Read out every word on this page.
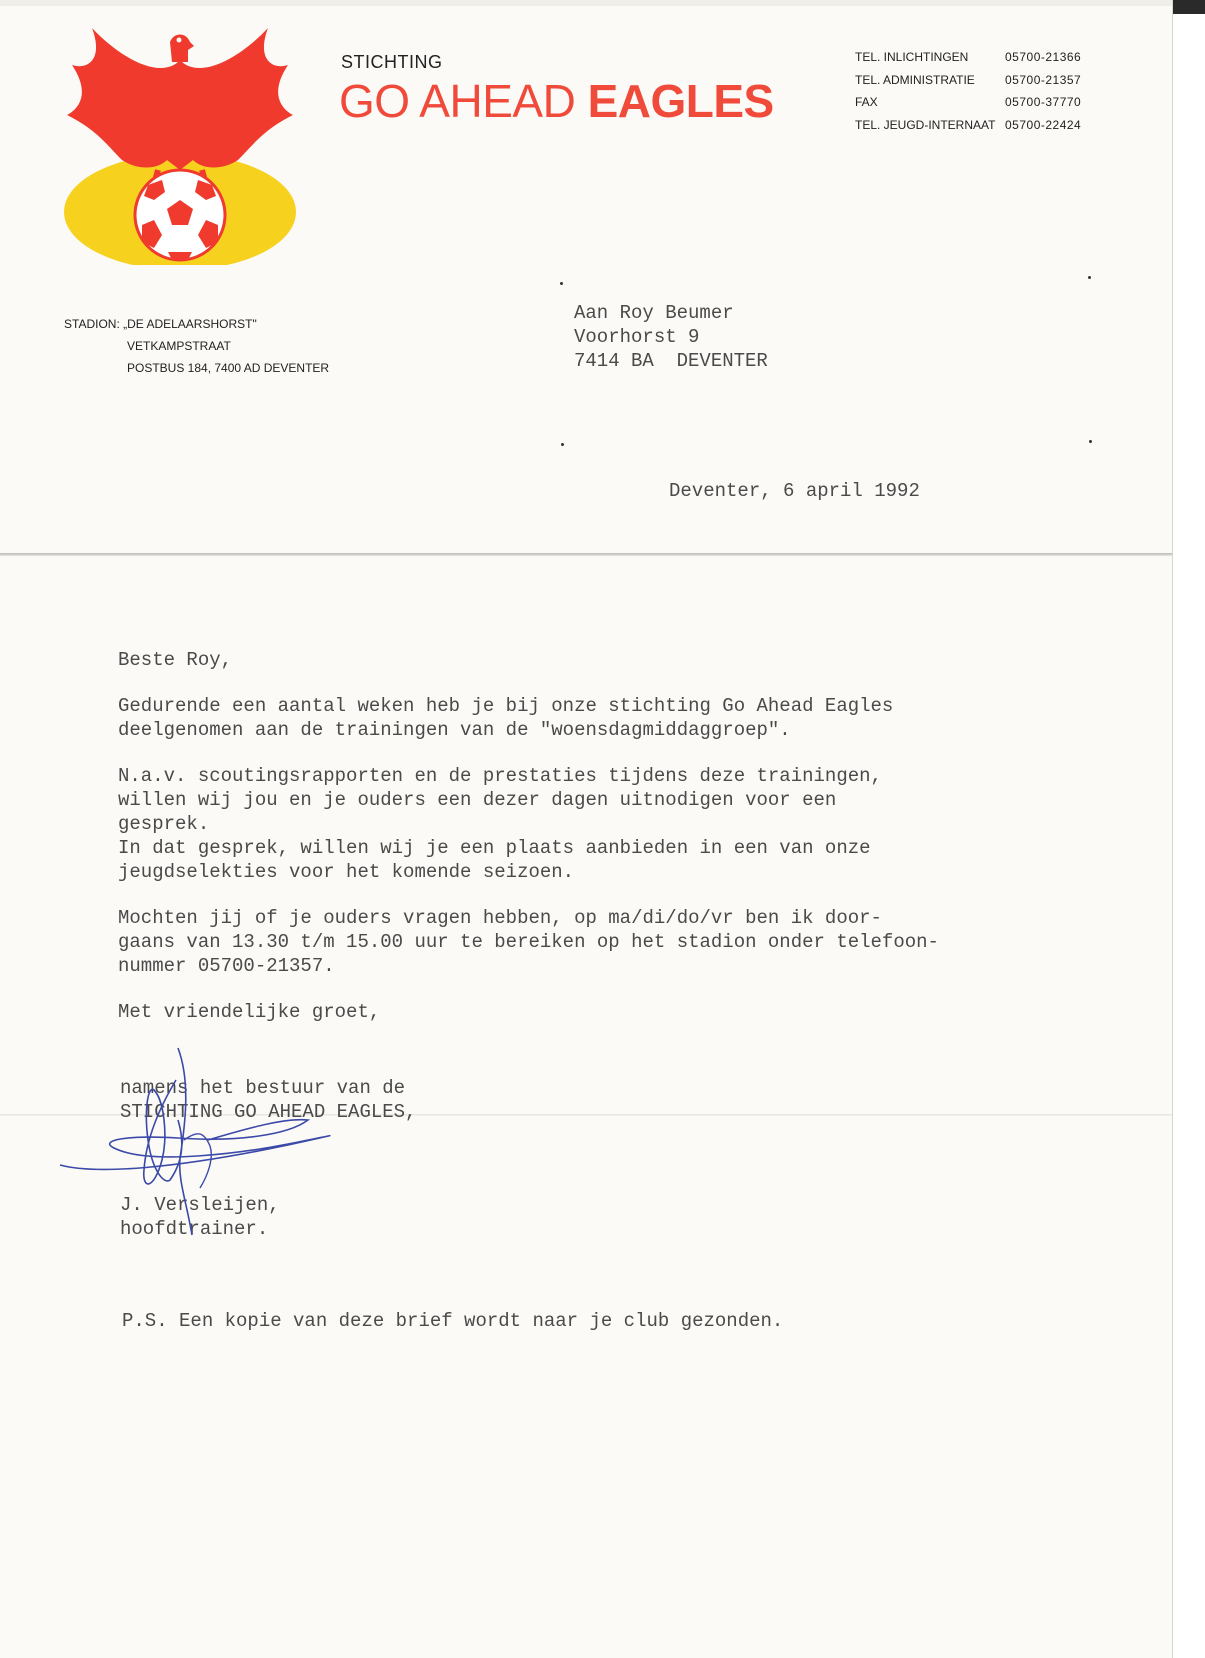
STICHTING
GO AHEAD EAGLES
TEL. INLICHTINGEN	05700-21366
TEL. ADMINISTRATIE	05700-21357
FAX	05700-37770
TEL. JEUGD-INTERNAAT 05700-22424
STADION: „DE ADELAARSHORST"
VETKAMPSTRAAT
POSTBUS 184, 7400 AD DEVENTER
Aan Roy Beumer
Voorhorst 9
7414 BA  DEVENTER
Deventer, 6 april 1992
Beste Roy,
Gedurende een aantal weken heb je bij onze stichting Go Ahead Eagles
deelgenomen aan de trainingen van de "woensdagmiddaggroep".
N.a.v. scoutingsrapporten en de prestaties tijdens deze trainingen,
willen wij jou en je ouders een dezer dagen uitnodigen voor een
gesprek.
In dat gesprek, willen wij je een plaats aanbieden in een van onze
jeugdselekties voor het komende seizoen.
Mochten jij of je ouders vragen hebben, op ma/di/do/vr ben ik door-
gaans van 13.30 t/m 15.00 uur te bereiken op het stadion onder telefoon-
nummer 05700-21357.
Met vriendelijke groet,
namens het bestuur van de
STICHTING GO AHEAD EAGLES,
J. Versleijen,
hoofdtrainer.
P.S. Een kopie van deze brief wordt naar je club gezonden.
